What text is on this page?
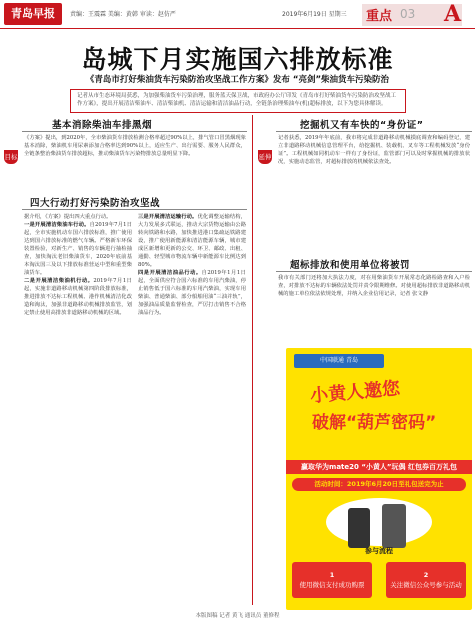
青岛早报	责编：王震霖 美编：黄韩 审读：赵仿严	2019年6月19日 星期三 重点 03 A
岛城下月实施国六排放标准
《青岛市打好柴油货车污染防治攻坚战工作方案》发布 “亮剑”柴油货车污染防治
记者从市生态环境局获悉，为加强柴油货车污染治理，服务蓝天保卫战，市政府办公厅印发《青岛市打好柴油货车污染防治攻坚战工作方案》，提出开展清洁柴油车、清洁柴油机、清洁运输和清洁油品行动，全链条治理柴油车(机)超标排放，以下为您具体解读。
目标
基本消除柴油车排黑烟
《方案》提出，到2020年，全市柴油货车排放检测合格率超过90%以上，排气管口冒黑烟现象基本消除，柴油机车用尿素添加合格率达到90%以上，适应生产、出行需要、服务人民群众，全链条整治柴油货车排放超标，推动柴油货车污染物排放总量明显下降。
四大行动打好污染防治攻坚战
据介绍，《方案》提出四大重点行动。
一是开展清洁柴油车行动。自2019年7月1日起，全市实施机动车国六排放标准，推广使用达到国六排放标准的燃气车辆。严格新车环保装置检验，对新生产、销售的车辆进行抽检抽查，加快淘汰老旧柴油货车，2020年底前基本淘汰国三及以下排放标准营运中型和重型柴油货车。
二是开展清洁柴油机行动。2019年7月1日起，实施非道路移动机械第四阶段排放标准，推进排放不达标工程机械、港作机械清洁化改造和淘汰，加强非道路移动机械排放监管，划定禁止使用高排放非道路移动机械的区域。
三是开展清洁运输行动。优化调整运输结构，大力发展多式联运，推动大宗货物运输由公路转向铁路和水路，加快推进港口集疏运铁路建设，推广使用新能源和清洁能源车辆，城市建成区新增和更新的公交、环卫、邮政、出租、通勤、轻型城市物流车辆中新能源车比例达到80%。
四是开展清洁油品行动。自2019年1月1日起，全面供应符合国六标准的车用汽柴油，停止销售低于国六标准的车用汽柴油，实现车用柴油、普通柴油、部分船舶用油“三油并轨”，加强油品质量监督检查，严厉打击销售不合格油品行为。
延伸
挖掘机又有车快的“身份证”
记者获悉，2019年年底前，我市将完成非道路移动机械摸底调查和编码登记，建立非道路移动机械信息管理平台，给挖掘机、装载机、叉车等工程机械发放“身份证”。工程机械如同机动车一样有了身份证，监管部门可以及时掌握机械的排放状况，实施动态监管，对超标排放的机械依法查处。
超标排放和使用单位将被罚
我市有关部门还将加大执法力度，对在用柴油货车开展常态化路检路查和入户检查，对排放不达标的车辆依法处罚并责令限期维修。对使用超标排放非道路移动机械的施工单位依法依规处理，并纳入企业信用记录，记者 张文静
中国联通 青岛
小黄人邀您
破解“葫芦密码”
赢取华为mate20 “小黄人”玩偶 红包券百万礼包
活动时间：2019年6月20日至礼包送完为止
参与流程
1
使用微信支付成功购票
2
关注微信公众号参与活动
本版图稿 记者 黄飞 通讯员 董修程
